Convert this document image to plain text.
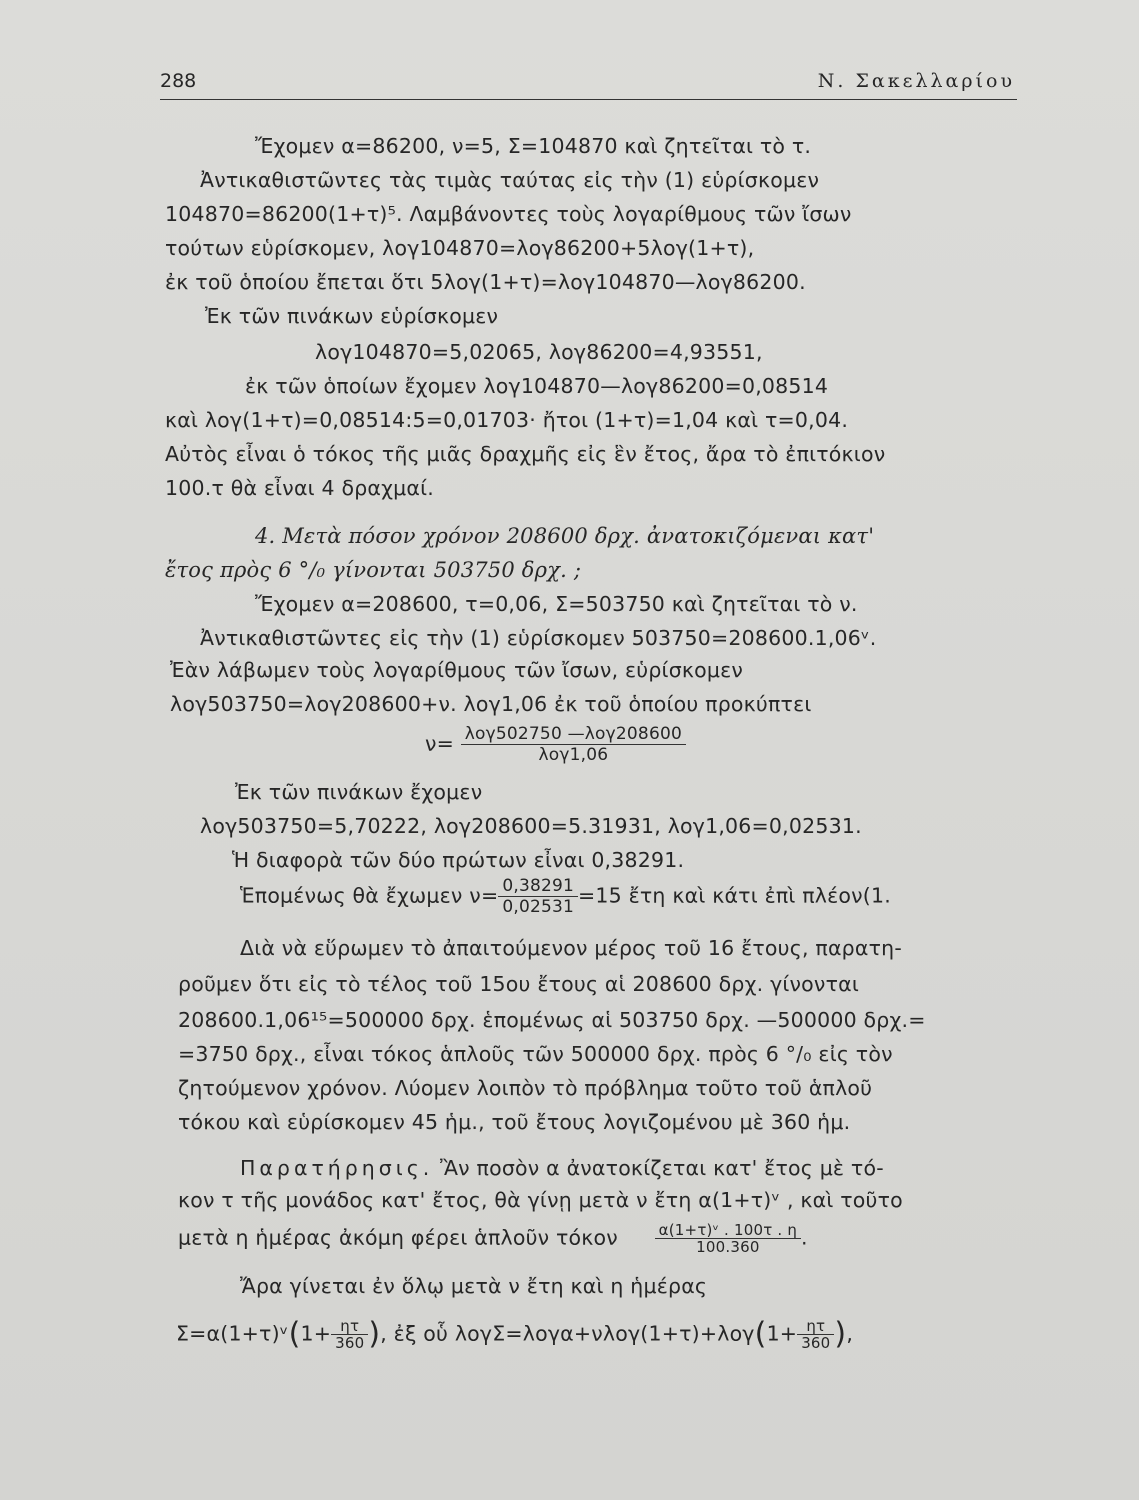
288	Ν. Σακελλαρίου
Ἔχομεν α=86200, ν=5, Σ=104870 καὶ ζητεῖται τὸ τ.
Ἀντικαθιστῶντες τὰς τιμὰς ταύτας εἰς τὴν (1) εὑρίσκομεν
104870=86200(1+τ)⁵. Λαμβάνοντες τοὺς λογαρίθμους τῶν ἴσων
τούτων εὑρίσκομεν, λογ104870=λογ86200+5λογ(1+τ),
ἐκ τοῦ ὁποίου ἔπεται ὅτι 5λογ(1+τ)=λογ104870—λογ86200.
Ἐκ τῶν πινάκων εὑρίσκομεν
λογ104870=5,02065, λογ86200=4,93551,
ἐκ τῶν ὁποίων ἔχομεν λογ104870—λογ86200=0,08514
καὶ λογ(1+τ)=0,08514:5=0,01703· ἤτοι (1+τ)=1,04 καὶ τ=0,04.
Αὐτὸς εἶναι ὁ τόκος τῆς μιᾶς δραχμῆς εἰς ἓν ἔτος, ἄρα τὸ ἐπιτόκιον
100.τ θὰ εἶναι 4 δραχμαί.
4. Μετὰ πόσον χρόνον 208600 δρχ. ἀνατοκιζόμεναι κατ'
ἔτος πρὸς 6 °/₀ γίνονται 503750 δρχ. ;
Ἔχομεν α=208600, τ=0,06, Σ=503750 καὶ ζητεῖται τὸ ν.
Ἀντικαθιστῶντες εἰς τὴν (1) εὑρίσκομεν 503750=208600.1,06ᵛ.
Ἐὰν λάβωμεν τοὺς λογαρίθμους τῶν ἴσων, εὑρίσκομεν
λογ503750=λογ208600+ν. λογ1,06 ἐκ τοῦ ὁποίου προκύπτει
$\nu= \frac{\text{λογ502750 —λογ208600}}{\text{λογ1,06}}$
Ἐκ τῶν πινάκων ἔχομεν
λογ503750=5,70222, λογ208600=5.31931, λογ1,06=0,02531.
Ἡ διαφορὰ τῶν δύο πρώτων εἶναι 0,38291.
Ἑπομένως θὰ ἔχωμεν $\nu= \frac{0,38291}{0,02531} =15$ ἔτη καὶ κάτι ἐπὶ πλέον(1.
Διὰ νὰ εὕρωμεν τὸ ἀπαιτούμενον μέρος τοῦ 16 ἔτους, παρατη-
ροῦμεν ὅτι εἰς τὸ τέλος τοῦ 15ου ἔτους αἱ 208600 δρχ. γίνονται
208600.1,06¹⁵=500000 δρχ. ἑπομένως αἱ 503750 δρχ. —500000 δρχ.=
=3750 δρχ., εἶναι τόκος ἁπλοῦς τῶν 500000 δρχ. πρὸς 6 °/₀ εἰς τὸν
ζητούμενον χρόνον. Λύομεν λοιπὸν τὸ πρόβλημα τοῦτο τοῦ ἁπλοῦ
τόκου καὶ εὑρίσκομεν 45 ἡμ., τοῦ ἔτους λογιζομένου μὲ 360 ἡμ.
Παρατήρησις. Ἂν ποσὸν α ἀνατοκίζεται κατ' ἔτος μὲ τό-
κον τ τῆς μονάδος κατ' ἔτος, θὰ γίνῃ μετὰ ν ἔτη α(1+τ)ᵛ , καὶ τοῦτο
μετὰ η ἡμέρας ἀκόμη φέρει ἁπλοῦν τόκον $\frac{\text{α(1+τ)ᵛ . 100τ . η}}{100.360}$ .
Ἄρα γίνεται ἐν ὅλῳ μετὰ ν ἔτη καὶ η ἡμέρας
Σ=α(1+τ)ᵛ(1+ $\frac{\eta\tau}{360}$ ), ἐξ οὗ $\lambda o\gamma\Sigma=\lambda o\gamma\alpha+\nu\lambda o\gamma(1+\tau)+\lambda o\gamma(1+ \frac{\eta\tau}{360}$ ),
